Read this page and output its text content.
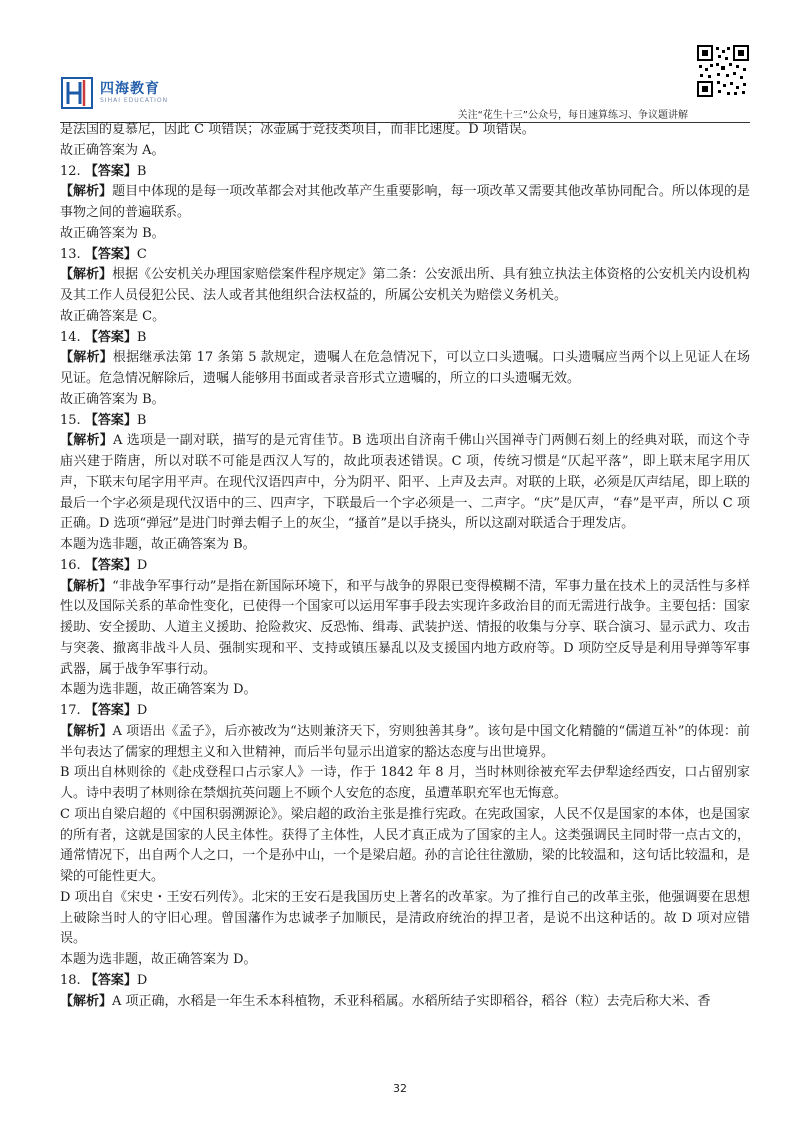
四海教育
SIHAI EDUCATION
关注“花生十三”公众号，每日速算练习、争议题讲解

是法国的夏慕尼，因此 C 项错误；冰壶属于竞技类项目，而非比速度。D 项错误。

故正确答案为 A。

12. 【答案】B

【解析】题目中体现的是每一项改革都会对其他改革产生重要影响，每一项改革又需要其他改革协同配合。所以体现的是事物之间的普遍联系。

故正确答案为 B。

13. 【答案】C

【解析】根据《公安机关办理国家赔偿案件程序规定》第二条：公安派出所、具有独立执法主体资格的公安机关内设机构及其工作人员侵犯公民、法人或者其他组织合法权益的，所属公安机关为赔偿义务机关。

故正确答案是 C。

14. 【答案】B

【解析】根据继承法第 17 条第 5 款规定，遗嘱人在危急情况下，可以立口头遗嘱。口头遗嘱应当两个以上见证人在场见证。危急情况解除后，遗嘱人能够用书面或者录音形式立遗嘱的，所立的口头遗嘱无效。

故正确答案为 B。

15. 【答案】B

【解析】A 选项是一副对联，描写的是元宵佳节。B 选项出自济南千佛山兴国禅寺门两侧石刻上的经典对联，而这个寺庙兴建于隋唐，所以对联不可能是西汉人写的，故此项表述错误。C 项，传统习惯是“仄起平落”，即上联末尾字用仄声，下联末句尾字用平声。在现代汉语四声中，分为阴平、阳平、上声及去声。对联的上联，必须是仄声结尾，即上联的最后一个字必须是现代汉语中的三、四声字，下联最后一个字必须是一、二声字。“庆”是仄声，“春”是平声，所以 C 项正确。D 选项“弹冠”是进门时弹去帽子上的灰尘，“搔首”是以手挠头，所以这副对联适合于理发店。

本题为选非题，故正确答案为 B。

16. 【答案】D

【解析】“非战争军事行动”是指在新国际环境下，和平与战争的界限已变得模糊不清，军事力量在技术上的灵活性与多样性以及国际关系的革命性变化，已使得一个国家可以运用军事手段去实现许多政治目的而无需进行战争。主要包括：国家援助、安全援助、人道主义援助、抢险救灾、反恐怖、缉毒、武装护送、情报的收集与分享、联合演习、显示武力、攻击与突袭、撤离非战斗人员、强制实现和平、支持或镇压暴乱以及支援国内地方政府等。D 项防空反导是利用导弹等军事武器，属于战争军事行动。

本题为选非题，故正确答案为 D。

17. 【答案】D

【解析】A 项语出《孟子》，后亦被改为“达则兼济天下，穷则独善其身”。该句是中国文化精髓的“儒道互补”的体现：前半句表达了儒家的理想主义和入世精神，而后半句显示出道家的豁达态度与出世境界。

B 项出自林则徐的《赴戍登程口占示家人》一诗，作于 1842 年 8 月，当时林则徐被充军去伊犁途经西安，口占留别家人。诗中表明了林则徐在禁烟抗英问题上不顾个人安危的态度，虽遭革职充军也无悔意。

C 项出自梁启超的《中国积弱溯源论》。梁启超的政治主张是推行宪政。在宪政国家，人民不仅是国家的本体，也是国家的所有者，这就是国家的人民主体性。获得了主体性，人民才真正成为了国家的主人。这类强调民主同时带一点古文的，通常情况下，出自两个人之口，一个是孙中山，一个是梁启超。孙的言论往往激励，梁的比较温和，这句话比较温和，是梁的可能性更大。

D 项出自《宋史・王安石列传》。北宋的王安石是我国历史上著名的改革家。为了推行自己的改革主张，他强调要在思想上破除当时人的守旧心理。曾国藩作为忠诚孝子加顺民，是清政府统治的捍卫者，是说不出这种话的。故 D 项对应错误。

本题为选非题，故正确答案为 D。

18. 【答案】D

【解析】A 项正确，水稻是一年生禾本科植物，禾亚科稻属。水稻所结子实即稻谷，稻谷（粒）去壳后称大米、香

32
